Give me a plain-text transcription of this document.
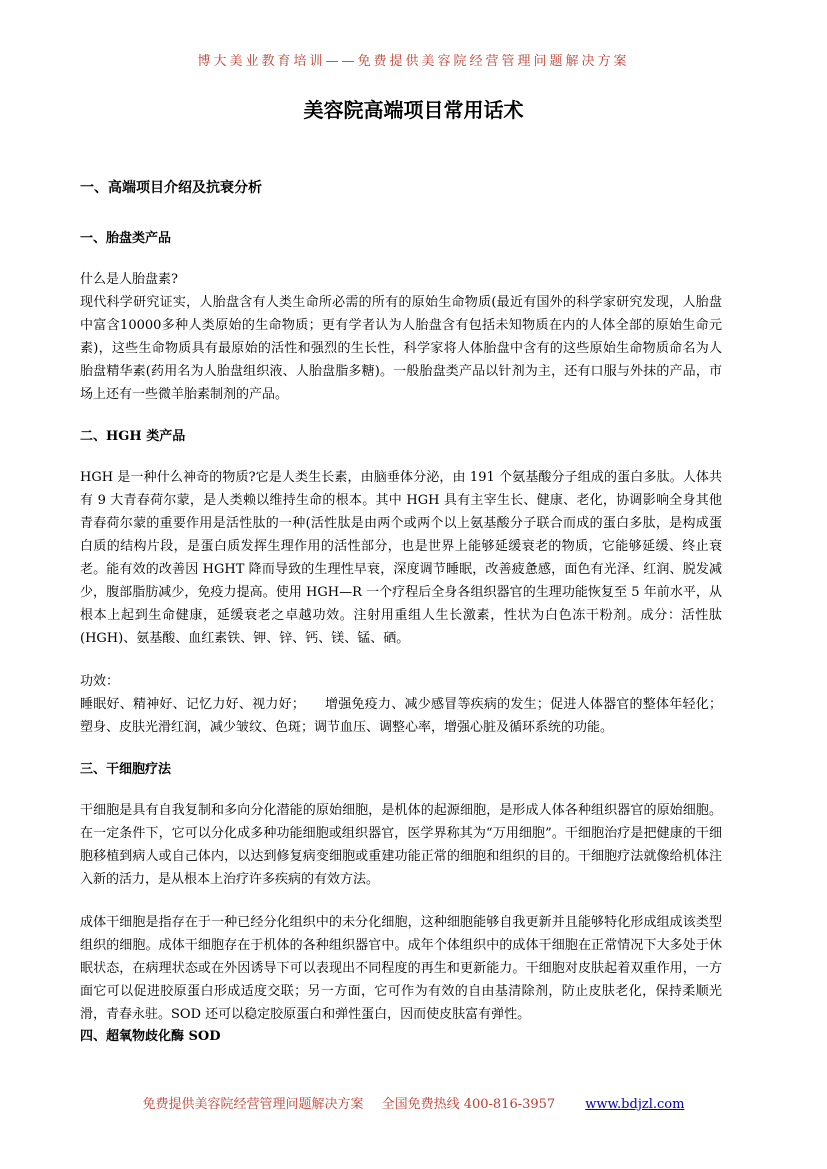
博大美业教育培训——免费提供美容院经营管理问题解决方案
美容院高端项目常用话术
一、高端项目介绍及抗衰分析
一、胎盘类产品

什么是人胎盘素?

现代科学研究证实，人胎盘含有人类生命所必需的所有的原始生命物质(最近有国外的科学家研究发现，人胎盘中富含10000多种人类原始的生命物质；更有学者认为人胎盘含有包括未知物质在内的人体全部的原始生命元素)，这些生命物质具有最原始的活性和强烈的生长性，科学家将人体胎盘中含有的这些原始生命物质命名为人胎盘精华素(药用名为人胎盘组织液、人胎盘脂多糖)。一般胎盘类产品以针剂为主，还有口服与外抹的产品，市场上还有一些微羊胎素制剂的产品。

二、HGH 类产品

HGH 是一种什么神奇的物质?它是人类生长素，由脑垂体分泌，由 191 个氨基酸分子组成的蛋白多肽。人体共有 9 大青春荷尔蒙，是人类赖以维持生命的根本。其中 HGH 具有主宰生长、健康、老化，协调影响全身其他青春荷尔蒙的重要作用是活性肽的一种(活性肽是由两个或两个以上氨基酸分子联合而成的蛋白多肽，是构成蛋白质的结构片段，是蛋白质发挥生理作用的活性部分，也是世界上能够延缓衰老的物质，它能够延缓、终止衰老。能有效的改善因 HGHT 降而导致的生理性早衰，深度调节睡眠，改善疲惫感，面色有光泽、红润、脱发减少，腹部脂肪减少，免疫力提高。使用 HGH—R 一个疗程后全身各组织器官的生理功能恢复至 5 年前水平，从根本上起到生命健康，延缓衰老之卓越功效。注射用重组人生长激素，性状为白色冻干粉剂。成分：活性肽(HGH)、氨基酸、血红素铁、钾、锌、钙、镁、锰、硒。

功效：

睡眠好、精神好、记忆力好、视力好；　　增强免疫力、减少感冒等疾病的发生；促进人体器官的整体年轻化；塑身、皮肤光滑红润，减少皱纹、色斑；调节血压、调整心率，增强心脏及循环系统的功能。

三、干细胞疗法

干细胞是具有自我复制和多向分化潜能的原始细胞，是机体的起源细胞，是形成人体各种组织器官的原始细胞。在一定条件下，它可以分化成多种功能细胞或组织器官，医学界称其为“万用细胞”。干细胞治疗是把健康的干细胞移植到病人或自己体内，以达到修复病变细胞或重建功能正常的细胞和组织的目的。干细胞疗法就像给机体注入新的活力，是从根本上治疗许多疾病的有效方法。

成体干细胞是指存在于一种已经分化组织中的未分化细胞，这种细胞能够自我更新并且能够特化形成组成该类型组织的细胞。成体干细胞存在于机体的各种组织器官中。成年个体组织中的成体干细胞在正常情况下大多处于休眠状态，在病理状态或在外因诱导下可以表现出不同程度的再生和更新能力。干细胞对皮肤起着双重作用，一方面它可以促进胶原蛋白形成适度交联；另一方面，它可作为有效的自由基清除剂，防止皮肤老化，保持柔顺光滑，青春永驻。SOD 还可以稳定胶原蛋白和弹性蛋白，因而使皮肤富有弹性。

四、超氧物歧化酶 SOD
免费提供美容院经营管理问题解决方案 全国免费热线 400-816-3957 www.bdjzl.com
